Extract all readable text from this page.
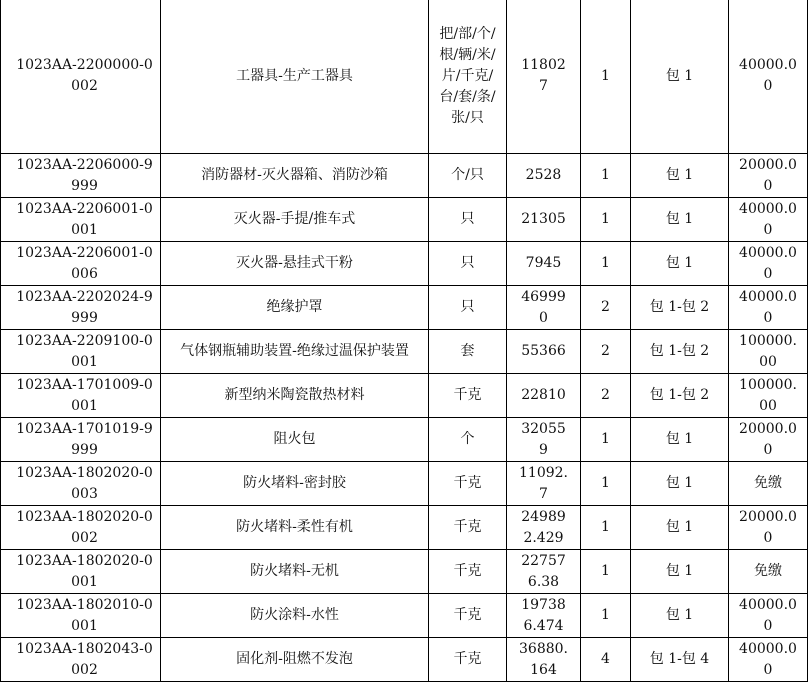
1023AA-2200000-0002	工器具-生产工器具	把/部/个/根/辆/米/片/千克/台/套/条/张/只	118027	1	包 1	40000.00
1023AA-2206000-9999	消防器材-灭火器箱、消防沙箱	个/只	2528	1	包 1	20000.00
1023AA-2206001-0001	灭火器-手提/推车式	只	21305	1	包 1	40000.00
1023AA-2206001-0006	灭火器-悬挂式干粉	只	7945	1	包 1	40000.00
1023AA-2202024-9999	绝缘护罩	只	469990	2	包 1-包 2	40000.00
1023AA-2209100-0001	气体钢瓶辅助装置-绝缘过温保护装置	套	55366	2	包 1-包 2	100000.00
1023AA-1701009-0001	新型纳米陶瓷散热材料	千克	22810	2	包 1-包 2	100000.00
1023AA-1701019-9999	阻火包	个	320559	1	包 1	20000.00
1023AA-1802020-0003	防火堵料-密封胶	千克	11092.7	1	包 1	免缴
1023AA-1802020-0002	防火堵料-柔性有机	千克	249892.429	1	包 1	20000.00
1023AA-1802020-0001	防火堵料-无机	千克	227576.38	1	包 1	免缴
1023AA-1802010-0001	防火涂料-水性	千克	197386.474	1	包 1	40000.00
1023AA-1802043-0002	固化剂-阻燃不发泡	千克	36880.164	4	包 1-包 4	40000.00
